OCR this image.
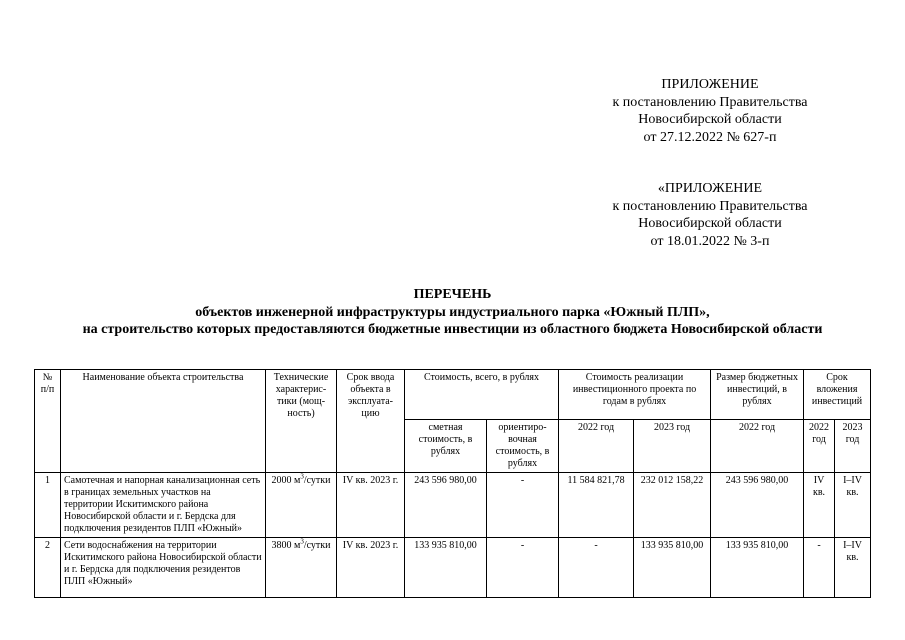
ПРИЛОЖЕНИЕ
к постановлению Правительства
Новосибирской области
от 27.12.2022 № 627-п
«ПРИЛОЖЕНИЕ
к постановлению Правительства
Новосибирской области
от 18.01.2022 № 3-п
ПЕРЕЧЕНЬ
объектов инженерной инфраструктуры индустриального парка «Южный ПЛП»,
на строительство которых предоставляются бюджетные инвестиции из областного бюджета Новосибирской области
№ п/п	Наименование объекта строительства	Технические характерис-тики (мощ-ность)	Срок ввода объекта в эксплуата-цию	Стоимость, всего, в рублях		Стоимость реализации инвестиционного проекта по годам в рублях		Размер бюджетных инвестиций, в рублях	Срок вложения инвестиций	
				сметная стоимость, в рублях	ориентиро-вочная стоимость, в рублях	2022 год	2023 год	2022 год	2022 год	2023 год
1	Самотечная и напорная канализационная сеть в границах земельных участков на территории Искитимского района Новосибирской области и г. Бердска для подключения резидентов ПЛП «Южный»	2000 $м^3$/сутки	IV кв. 2023 г.	243 596 980,00	-	11 584 821,78	232 012 158,22	243 596 980,00	IV кв.	I–IV кв.
2	Сети водоснабжения на территории Искитимского района Новосибирской области и г. Бердска для подключения резидентов ПЛП «Южный»	3800 $м^3$/сутки	IV кв. 2023 г.	133 935 810,00	-	-	133 935 810,00	133 935 810,00	-	I–IV кв.
